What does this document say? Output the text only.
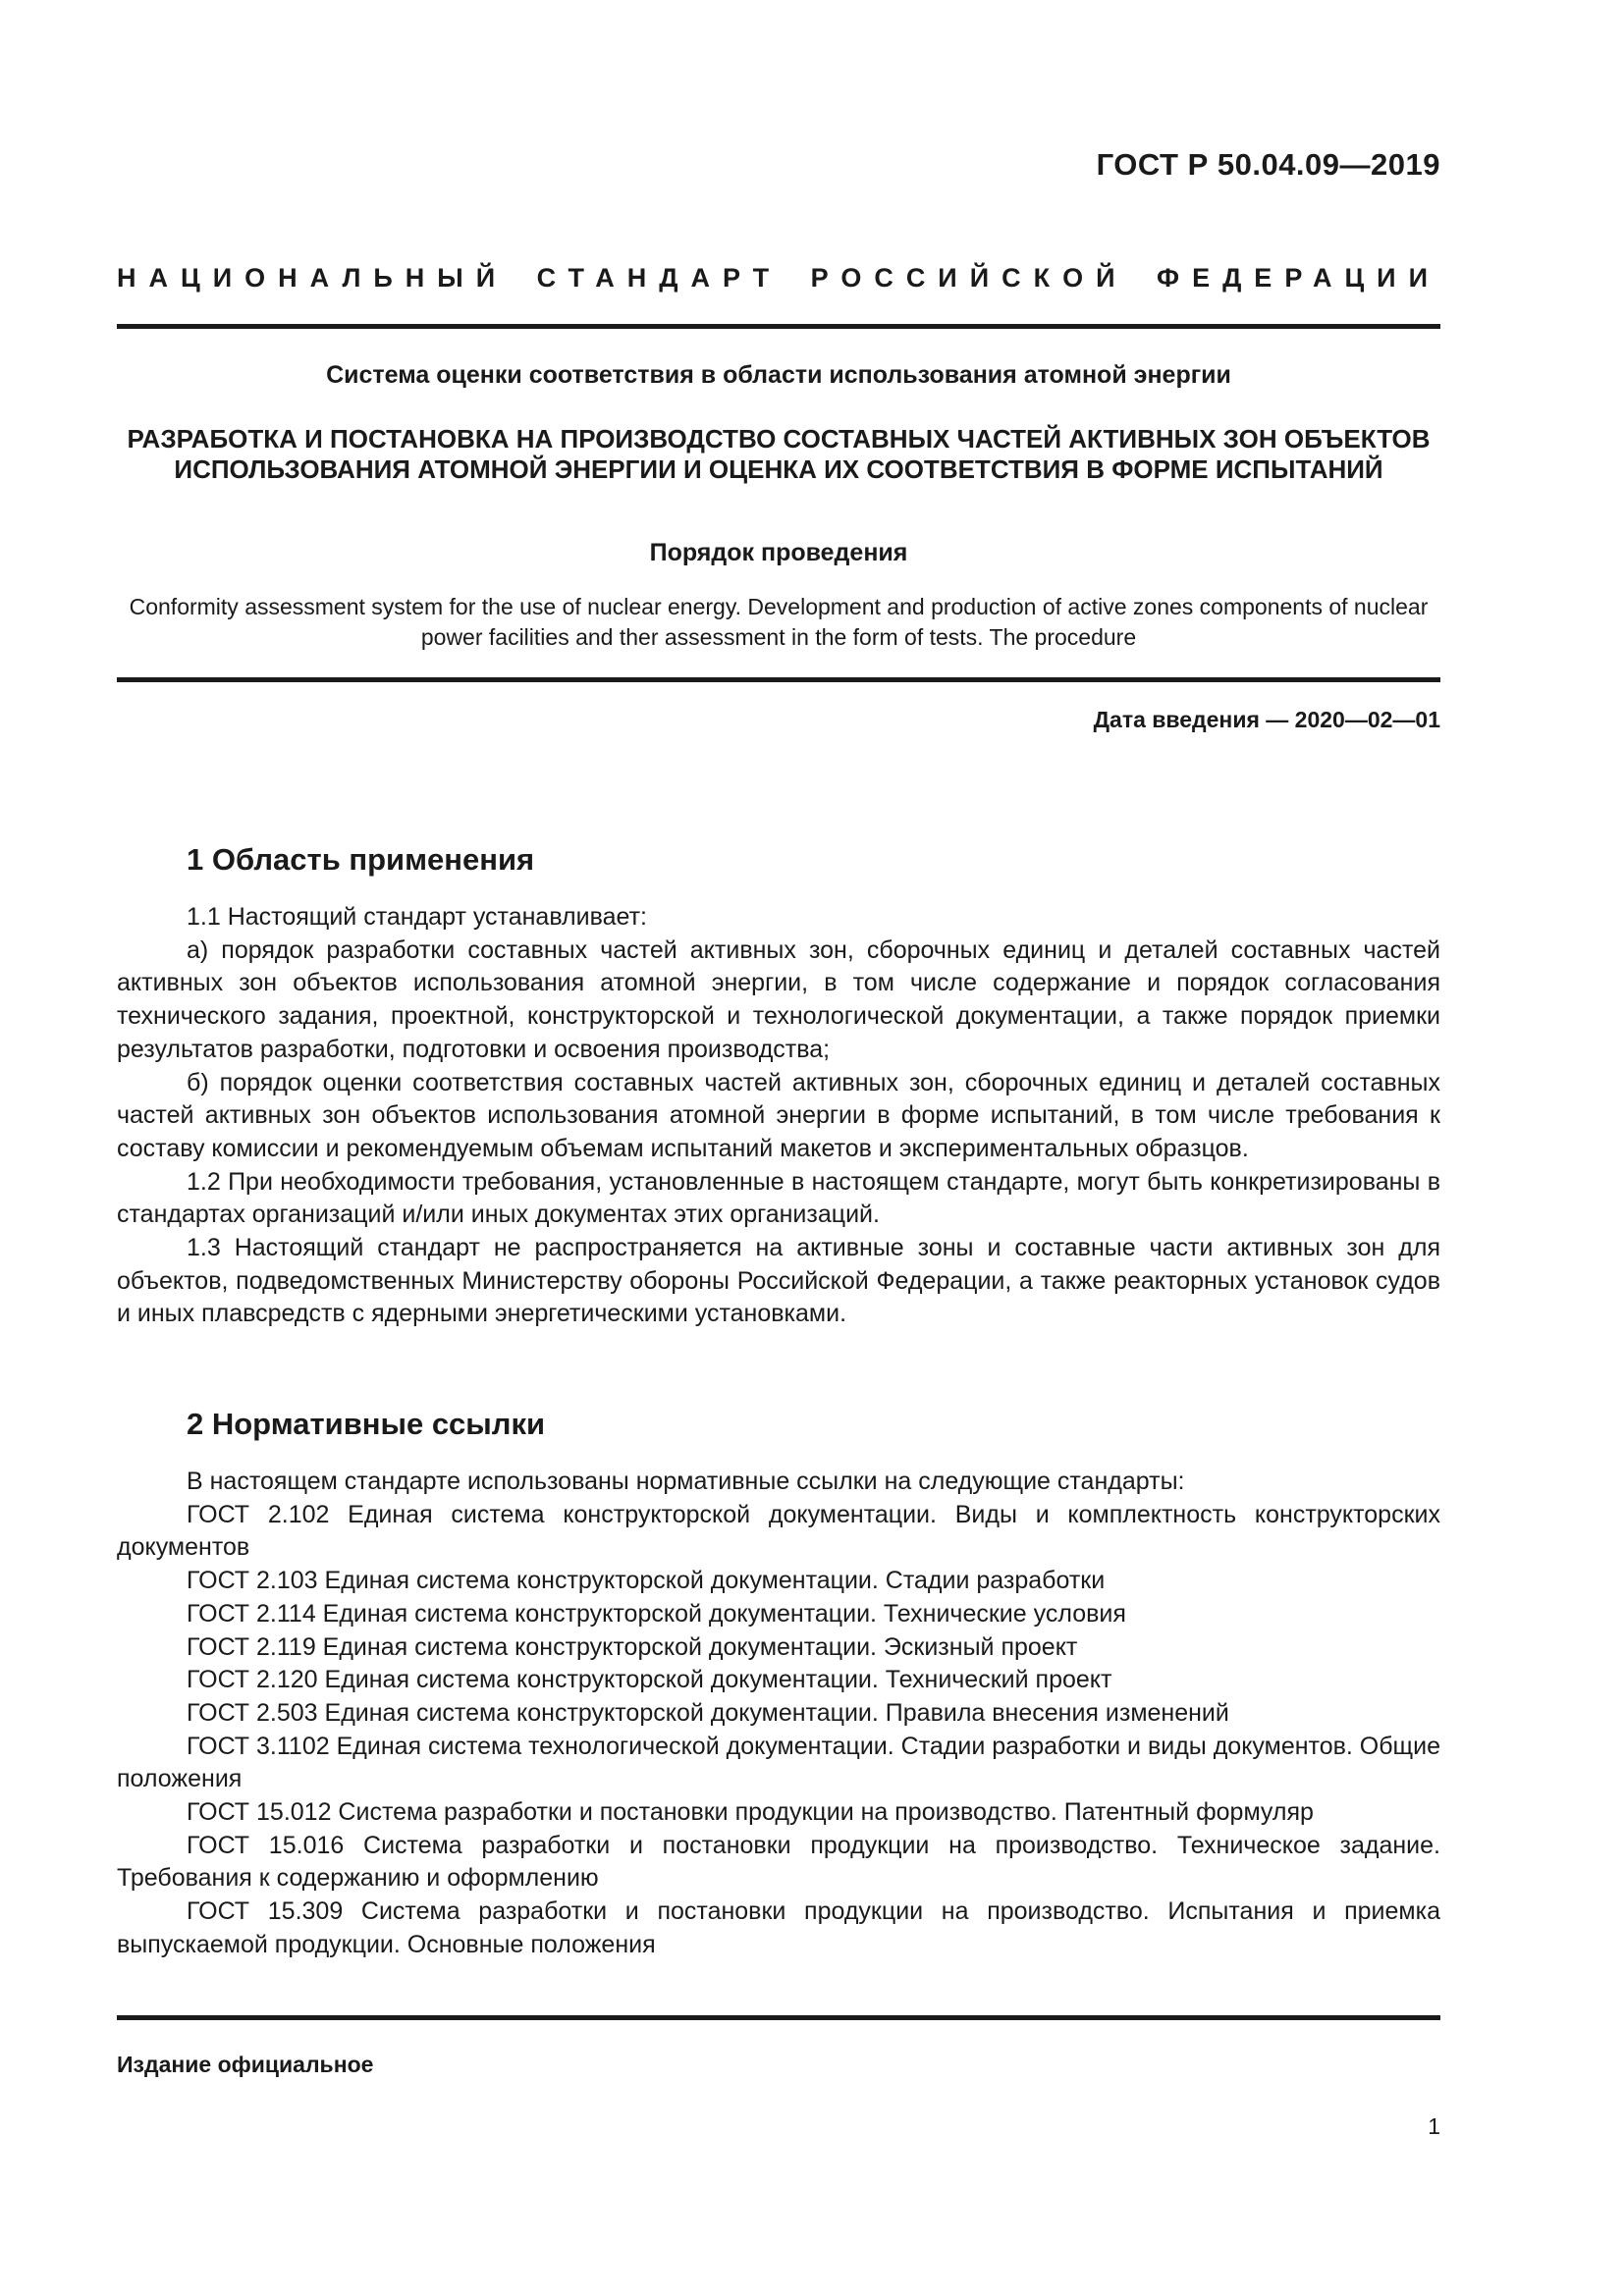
ГОСТ Р 50.04.09—2019
НАЦИОНАЛЬНЫЙ СТАНДАРТ РОССИЙСКОЙ ФЕДЕРАЦИИ
Система оценки соответствия в области использования атомной энергии
РАЗРАБОТКА И ПОСТАНОВКА НА ПРОИЗВОДСТВО СОСТАВНЫХ ЧАСТЕЙ АКТИВНЫХ ЗОН ОБЪЕКТОВ ИСПОЛЬЗОВАНИЯ АТОМНОЙ ЭНЕРГИИ И ОЦЕНКА ИХ СООТВЕТСТВИЯ В ФОРМЕ ИСПЫТАНИЙ
Порядок проведения
Conformity assessment system for the use of nuclear energy. Development and production of active zones components of nuclear power facilities and ther assessment in the form of tests. The procedure
Дата введения — 2020—02—01
1 Область применения

1.1 Настоящий стандарт устанавливает:

а) порядок разработки составных частей активных зон, сборочных единиц и деталей составных частей активных зон объектов использования атомной энергии, в том числе содержание и порядок согласования технического задания, проектной, конструкторской и технологической документации, а также порядок приемки результатов разработки, подготовки и освоения производства;

б) порядок оценки соответствия составных частей активных зон, сборочных единиц и деталей составных частей активных зон объектов использования атомной энергии в форме испытаний, в том числе требования к составу комиссии и рекомендуемым объемам испытаний макетов и экспериментальных образцов.

1.2 При необходимости требования, установленные в настоящем стандарте, могут быть конкретизированы в стандартах организаций и/или иных документах этих организаций.

1.3 Настоящий стандарт не распространяется на активные зоны и составные части активных зон для объектов, подведомственных Министерству обороны Российской Федерации, а также реакторных установок судов и иных плавсредств с ядерными энергетическими установками.

2 Нормативные ссылки

В настоящем стандарте использованы нормативные ссылки на следующие стандарты:

ГОСТ 2.102 Единая система конструкторской документации. Виды и комплектность конструкторских документов

ГОСТ 2.103 Единая система конструкторской документации. Стадии разработки

ГОСТ 2.114 Единая система конструкторской документации. Технические условия

ГОСТ 2.119 Единая система конструкторской документации. Эскизный проект

ГОСТ 2.120 Единая система конструкторской документации. Технический проект

ГОСТ 2.503 Единая система конструкторской документации. Правила внесения изменений

ГОСТ 3.1102 Единая система технологической документации. Стадии разработки и виды документов. Общие положения

ГОСТ 15.012 Система разработки и постановки продукции на производство. Патентный формуляр

ГОСТ 15.016 Система разработки и постановки продукции на производство. Техническое задание. Требования к содержанию и оформлению

ГОСТ 15.309 Система разработки и постановки продукции на производство. Испытания и приемка выпускаемой продукции. Основные положения

Издание официальное
1
